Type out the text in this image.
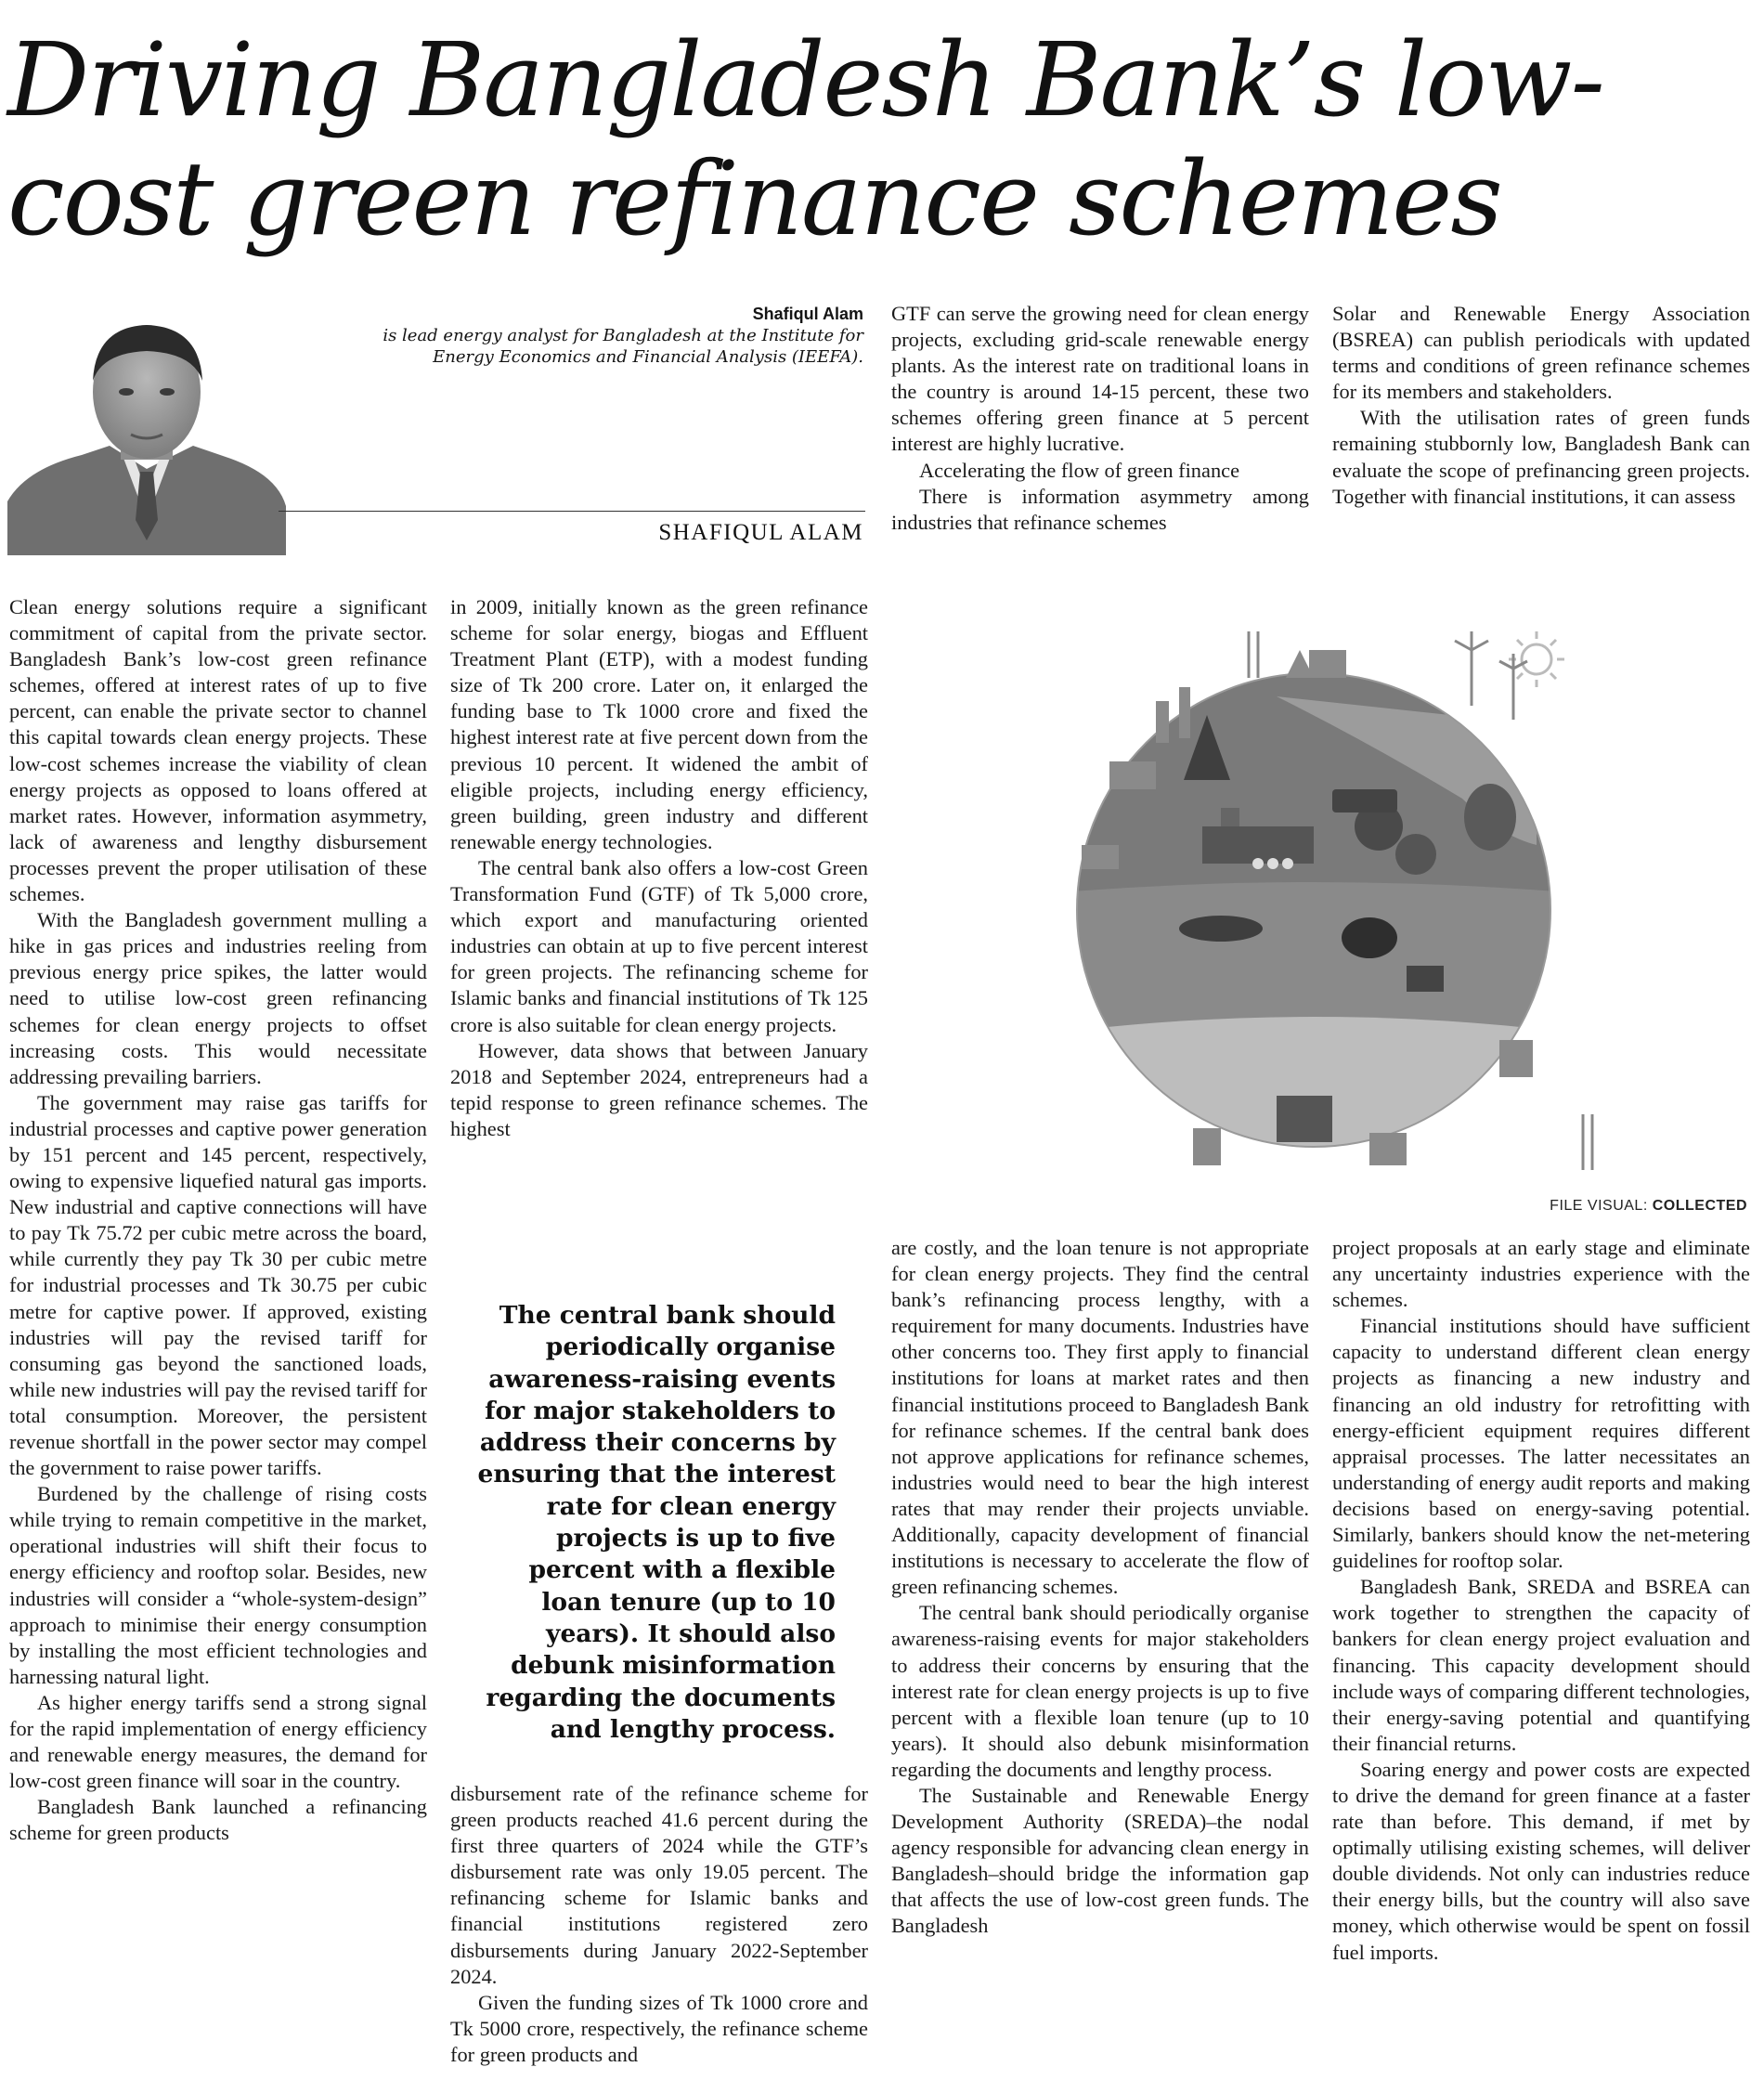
Driving Bangladesh Bank’s low-
cost green refinance schemes
Shafiqul Alam
is lead energy analyst for Bangladesh at the Institute for Energy Economics and Financial Analysis (IEEFA).
SHAFIQUL ALAM

Clean energy solutions require a significant commitment of capital from the private sector. Bangladesh Bank’s low-cost green refinance schemes, offered at interest rates of up to five percent, can enable the private sector to channel this capital towards clean energy projects. These low-cost schemes increase the viability of clean energy projects as opposed to loans offered at market rates. However, information asymmetry, lack of awareness and lengthy disbursement processes prevent the proper utilisation of these schemes.

With the Bangladesh government mulling a hike in gas prices and industries reeling from previous energy price spikes, the latter would need to utilise low-cost green refinancing schemes for clean energy projects to offset increasing costs. This would necessitate addressing prevailing barriers.

The government may raise gas tariffs for industrial processes and captive power generation by 151 percent and 145 percent, respectively, owing to expensive liquefied natural gas imports. New industrial and captive connections will have to pay Tk 75.72 per cubic metre across the board, while currently they pay Tk 30 per cubic metre for industrial processes and Tk 30.75 per cubic metre for captive power. If approved, existing industries will pay the revised tariff for consuming gas beyond the sanctioned loads, while new industries will pay the revised tariff for total consumption. Moreover, the persistent revenue shortfall in the power sector may compel the government to raise power tariffs.

Burdened by the challenge of rising costs while trying to remain competitive in the market, operational industries will shift their focus to energy efficiency and rooftop solar. Besides, new industries will consider a “whole-system-design” approach to minimise their energy consumption by installing the most efficient technologies and harnessing natural light.

As higher energy tariffs send a strong signal for the rapid implementation of energy efficiency and renewable energy measures, the demand for low-cost green finance will soar in the country.

Bangladesh Bank launched a refinancing scheme for green products

in 2009, initially known as the green refinance scheme for solar energy, biogas and Effluent Treatment Plant (ETP), with a modest funding size of Tk 200 crore. Later on, it enlarged the funding base to Tk 1000 crore and fixed the highest interest rate at five percent down from the previous 10 percent. It widened the ambit of eligible projects, including energy efficiency, green building, green industry and different renewable energy technologies.

The central bank also offers a low-cost Green Transformation Fund (GTF) of Tk 5,000 crore, which export and manufacturing oriented industries can obtain at up to five percent interest for green projects. The refinancing scheme for Islamic banks and financial institutions of Tk 125 crore is also suitable for clean energy projects.

However, data shows that between January 2018 and September 2024, entrepreneurs had a tepid response to green refinance schemes. The highest

The central bank should periodically organise awareness-raising events for major stakeholders to address their concerns by ensuring that the interest rate for clean energy projects is up to five percent with a flexible loan tenure (up to 10 years). It should also debunk misinformation regarding the documents and lengthy process.

disbursement rate of the refinance scheme for green products reached 41.6 percent during the first three quarters of 2024 while the GTF’s disbursement rate was only 19.05 percent. The refinancing scheme for Islamic banks and financial institutions registered zero disbursements during January 2022-September 2024.

Given the funding sizes of Tk 1000 crore and Tk 5000 crore, respectively, the refinance scheme for green products and

GTF can serve the growing need for clean energy projects, excluding grid-scale renewable energy plants. As the interest rate on traditional loans in the country is around 14-15 percent, these two schemes offering green finance at 5 percent interest are highly lucrative.

Accelerating the flow of green finance

There is information asymmetry among industries that refinance schemes

Solar and Renewable Energy Association (BSREA) can publish periodicals with updated terms and conditions of green refinance schemes for its members and stakeholders.

With the utilisation rates of green funds remaining stubbornly low, Bangladesh Bank can evaluate the scope of prefinancing green projects. Together with financial institutions, it can assess

FILE VISUAL: COLLECTED

are costly, and the loan tenure is not appropriate for clean energy projects. They find the central bank’s refinancing process lengthy, with a requirement for many documents. Industries have other concerns too. They first apply to financial institutions for loans at market rates and then financial institutions proceed to Bangladesh Bank for refinance schemes. If the central bank does not approve applications for refinance schemes, industries would need to bear the high interest rates that may render their projects unviable. Additionally, capacity development of financial institutions is necessary to accelerate the flow of green refinancing schemes.

The central bank should periodically organise awareness-raising events for major stakeholders to address their concerns by ensuring that the interest rate for clean energy projects is up to five percent with a flexible loan tenure (up to 10 years). It should also debunk misinformation regarding the documents and lengthy process.

The Sustainable and Renewable Energy Development Authority (SREDA)–the nodal agency responsible for advancing clean energy in Bangladesh–should bridge the information gap that affects the use of low-cost green funds. The Bangladesh

project proposals at an early stage and eliminate any uncertainty industries experience with the schemes.

Financial institutions should have sufficient capacity to understand different clean energy projects as financing a new industry and financing an old industry for retrofitting with energy-efficient equipment requires different appraisal processes. The latter necessitates an understanding of energy audit reports and making decisions based on energy-saving potential. Similarly, bankers should know the net-metering guidelines for rooftop solar.

Bangladesh Bank, SREDA and BSREA can work together to strengthen the capacity of bankers for clean energy project evaluation and financing. This capacity development should include ways of comparing different technologies, their energy-saving potential and quantifying their financial returns.

Soaring energy and power costs are expected to drive the demand for green finance at a faster rate than before. This demand, if met by optimally utilising existing schemes, will deliver double dividends. Not only can industries reduce their energy bills, but the country will also save money, which otherwise would be spent on fossil fuel imports.
